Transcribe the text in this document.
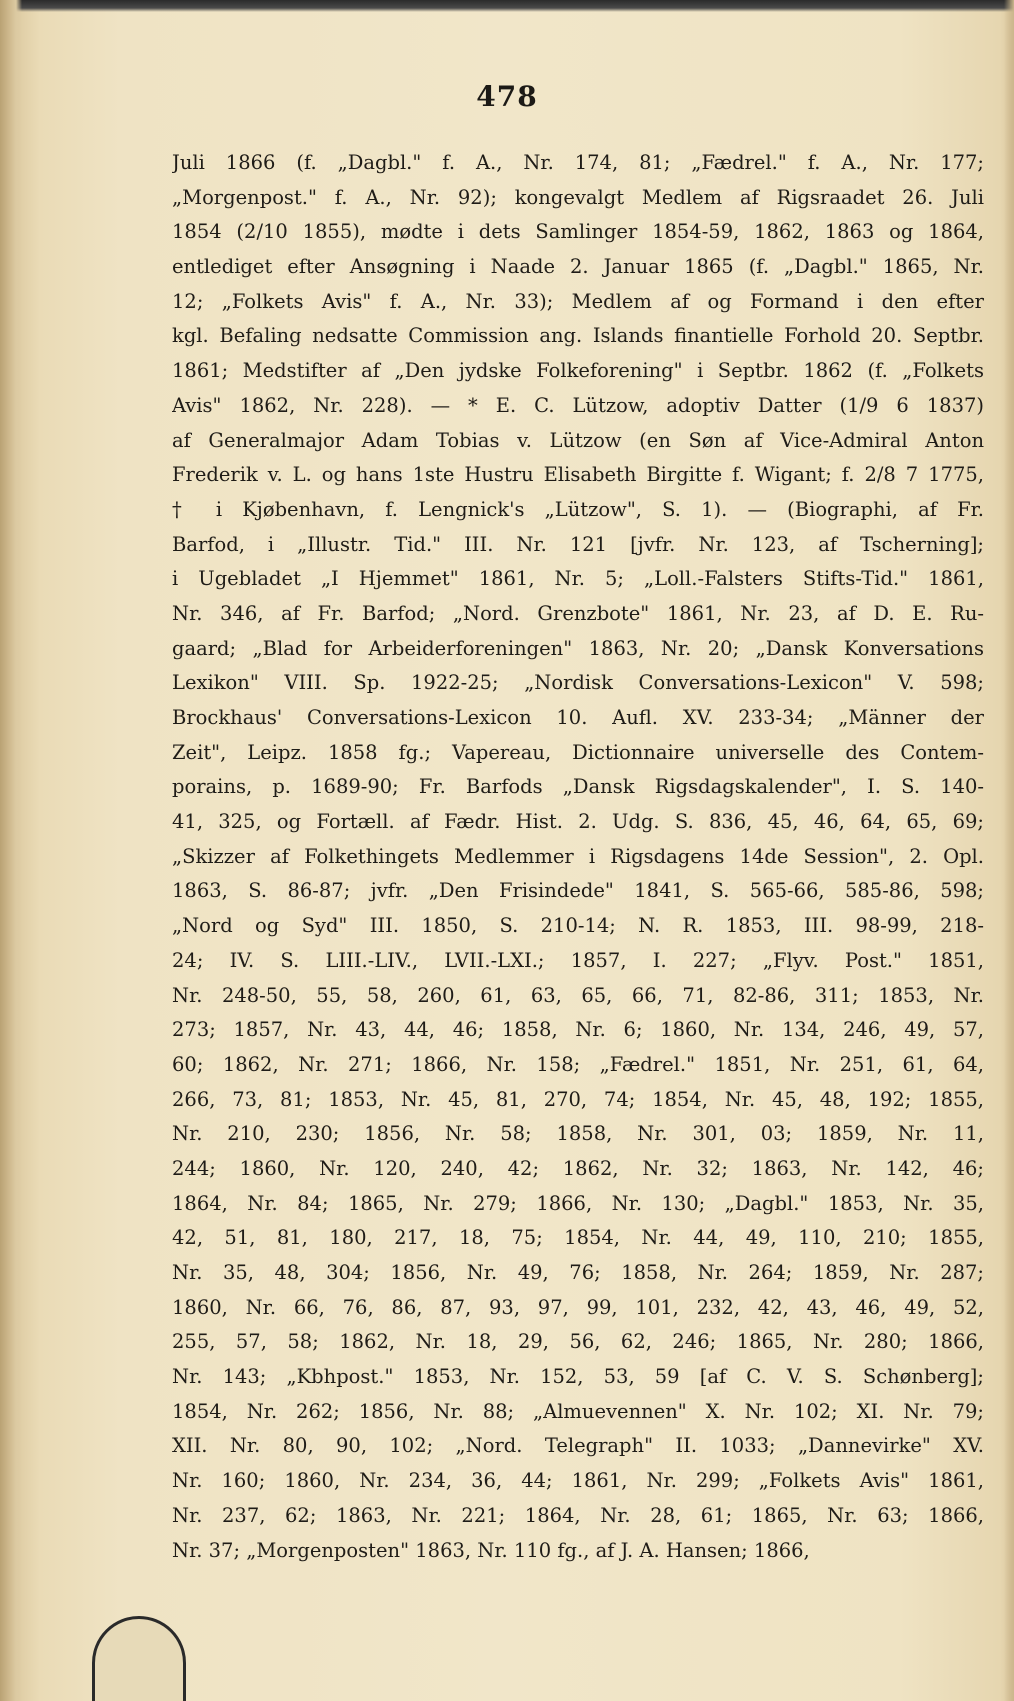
478
Juli 1866 (f. „Dagbl." f. A., Nr. 174, 81; „Fædrel." f. A., Nr. 177;
„Morgenpost." f. A., Nr. 92); kongevalgt Medlem af Rigsraadet 26. Juli
1854 (2/10 1855), mødte i dets Samlinger 1854-59, 1862, 1863 og 1864,
entlediget efter Ansøgning i Naade 2. Januar 1865 (f. „Dagbl." 1865, Nr.
12; „Folkets Avis" f. A., Nr. 33); Medlem af og Formand i den efter
kgl. Befaling nedsatte Commission ang. Islands finantielle Forhold 20. Septbr.
1861; Medstifter af „Den jydske Folkeforening" i Septbr. 1862 (f. „Folkets
Avis" 1862, Nr. 228). — * E. C. Lützow, adoptiv Datter (1/9 6 1837)
af Generalmajor Adam Tobias v. Lützow (en Søn af Vice-Admiral Anton
Frederik v. L. og hans 1ste Hustru Elisabeth Birgitte f. Wigant; f. 2/8 7 1775,
† i Kjøbenhavn, f. Lengnick's „Lützow", S. 1). — (Biographi, af Fr.
Barfod, i „Illustr. Tid." III. Nr. 121 [jvfr. Nr. 123, af Tscherning];
i Ugebladet „I Hjemmet" 1861, Nr. 5; „Loll.-Falsters Stifts-Tid." 1861,
Nr. 346, af Fr. Barfod; „Nord. Grenzbote" 1861, Nr. 23, af D. E. Ru-
gaard; „Blad for Arbeiderforeningen" 1863, Nr. 20; „Dansk Konversations
Lexikon" VIII. Sp. 1922-25; „Nordisk Conversations-Lexicon" V. 598;
Brockhaus' Conversations-Lexicon 10. Aufl. XV. 233-34; „Männer der
Zeit", Leipz. 1858 fg.; Vapereau, Dictionnaire universelle des Contem-
porains, p. 1689-90; Fr. Barfods „Dansk Rigsdagskalender", I. S. 140-
41, 325, og Fortæll. af Fædr. Hist. 2. Udg. S. 836, 45, 46, 64, 65, 69;
„Skizzer af Folkethingets Medlemmer i Rigsdagens 14de Session", 2. Opl.
1863, S. 86-87; jvfr. „Den Frisindede" 1841, S. 565-66, 585-86, 598;
„Nord og Syd" III. 1850, S. 210-14; N. R. 1853, III. 98-99, 218-
24; IV. S. LIII.-LIV., LVII.-LXI.; 1857, I. 227; „Flyv. Post." 1851,
Nr. 248-50, 55, 58, 260, 61, 63, 65, 66, 71, 82-86, 311; 1853, Nr.
273; 1857, Nr. 43, 44, 46; 1858, Nr. 6; 1860, Nr. 134, 246, 49, 57,
60; 1862, Nr. 271; 1866, Nr. 158; „Fædrel." 1851, Nr. 251, 61, 64,
266, 73, 81; 1853, Nr. 45, 81, 270, 74; 1854, Nr. 45, 48, 192; 1855,
Nr. 210, 230; 1856, Nr. 58; 1858, Nr. 301, 03; 1859, Nr. 11,
244; 1860, Nr. 120, 240, 42; 1862, Nr. 32; 1863, Nr. 142, 46;
1864, Nr. 84; 1865, Nr. 279; 1866, Nr. 130; „Dagbl." 1853, Nr. 35,
42, 51, 81, 180, 217, 18, 75; 1854, Nr. 44, 49, 110, 210; 1855,
Nr. 35, 48, 304; 1856, Nr. 49, 76; 1858, Nr. 264; 1859, Nr. 287;
1860, Nr. 66, 76, 86, 87, 93, 97, 99, 101, 232, 42, 43, 46, 49, 52,
255, 57, 58; 1862, Nr. 18, 29, 56, 62, 246; 1865, Nr. 280; 1866,
Nr. 143; „Kbhpost." 1853, Nr. 152, 53, 59 [af C. V. S. Schønberg];
1854, Nr. 262; 1856, Nr. 88; „Almuevennen" X. Nr. 102; XI. Nr. 79;
XII. Nr. 80, 90, 102; „Nord. Telegraph" II. 1033; „Dannevirke" XV.
Nr. 160; 1860, Nr. 234, 36, 44; 1861, Nr. 299; „Folkets Avis" 1861,
Nr. 237, 62; 1863, Nr. 221; 1864, Nr. 28, 61; 1865, Nr. 63; 1866,
Nr. 37; „Morgenposten" 1863, Nr. 110 fg., af J. A. Hansen; 1866,
